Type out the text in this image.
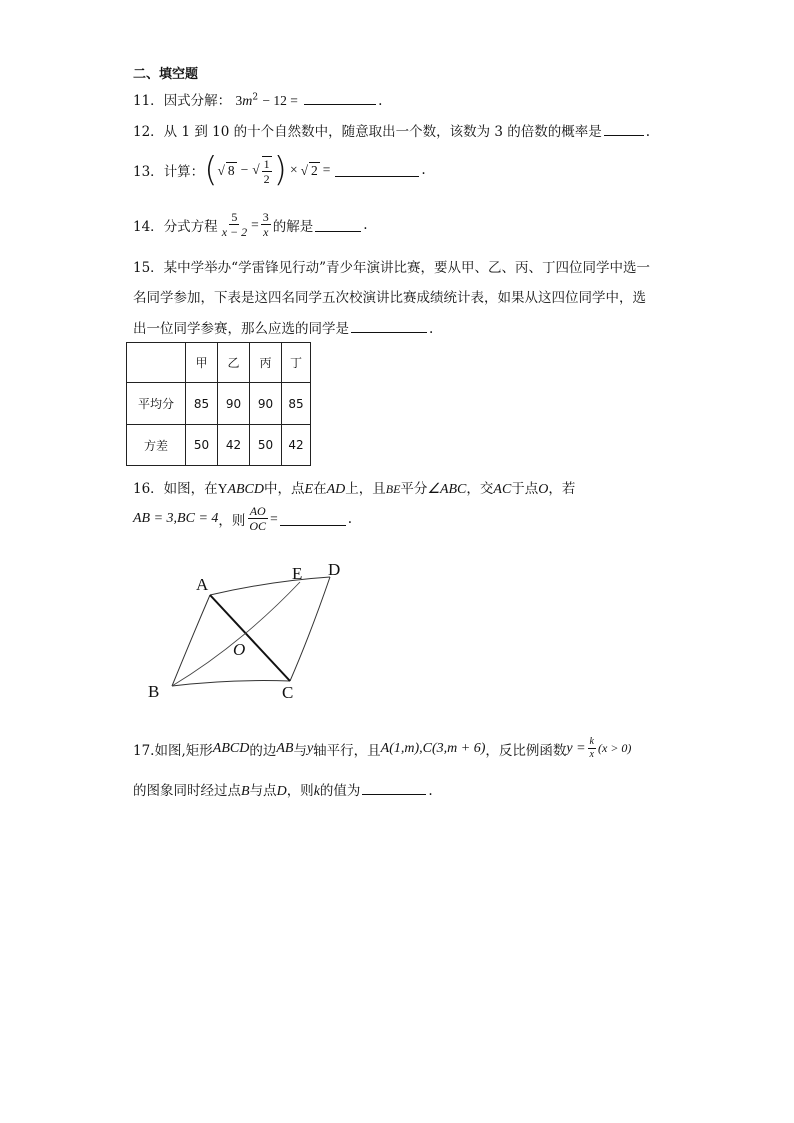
二、填空题
11．因式分解： $3m^2 - 12$ =	.
12．从 1 到 10 的十个自然数中，随意取出一个数，该数为 3 的倍数的概率是	.
13． 计算： ( √ 8 − √ $\frac{1}{2}$ ) × √ 2 =	.
14． 分式方程 $\frac{5}{x - 2} = \frac{3}{x}$ 的解是	.
15．某中学举办“学雷锋见行动”青少年演讲比赛，要从甲、乙、丙、丁四位同学中选一
名同学参加，下表是这四名同学五次校演讲比赛成绩统计表，如果从这四位同学中，选
出一位同学参赛，那么应选的同学是	.
	甲	乙	丙	丁
平均分	85	90	90	85
方差	50	42	50	42
16．如图，在YABCD中，点E在AD上，且BE平分∠ABC，交AC于点O，若
AB = 3,BC = 4 ，则 $\frac{AO}{OC}$ =	.
A
E D
O
B	C
17.如图,矩形 ABCD 的边 AB 与 y 轴平行，且 A(1,m),C(3,m + 6) ，反比例函数 $y = \frac{k}{x} (x > 0)$
的图象同时经过点B与点D，则k的值为	.
